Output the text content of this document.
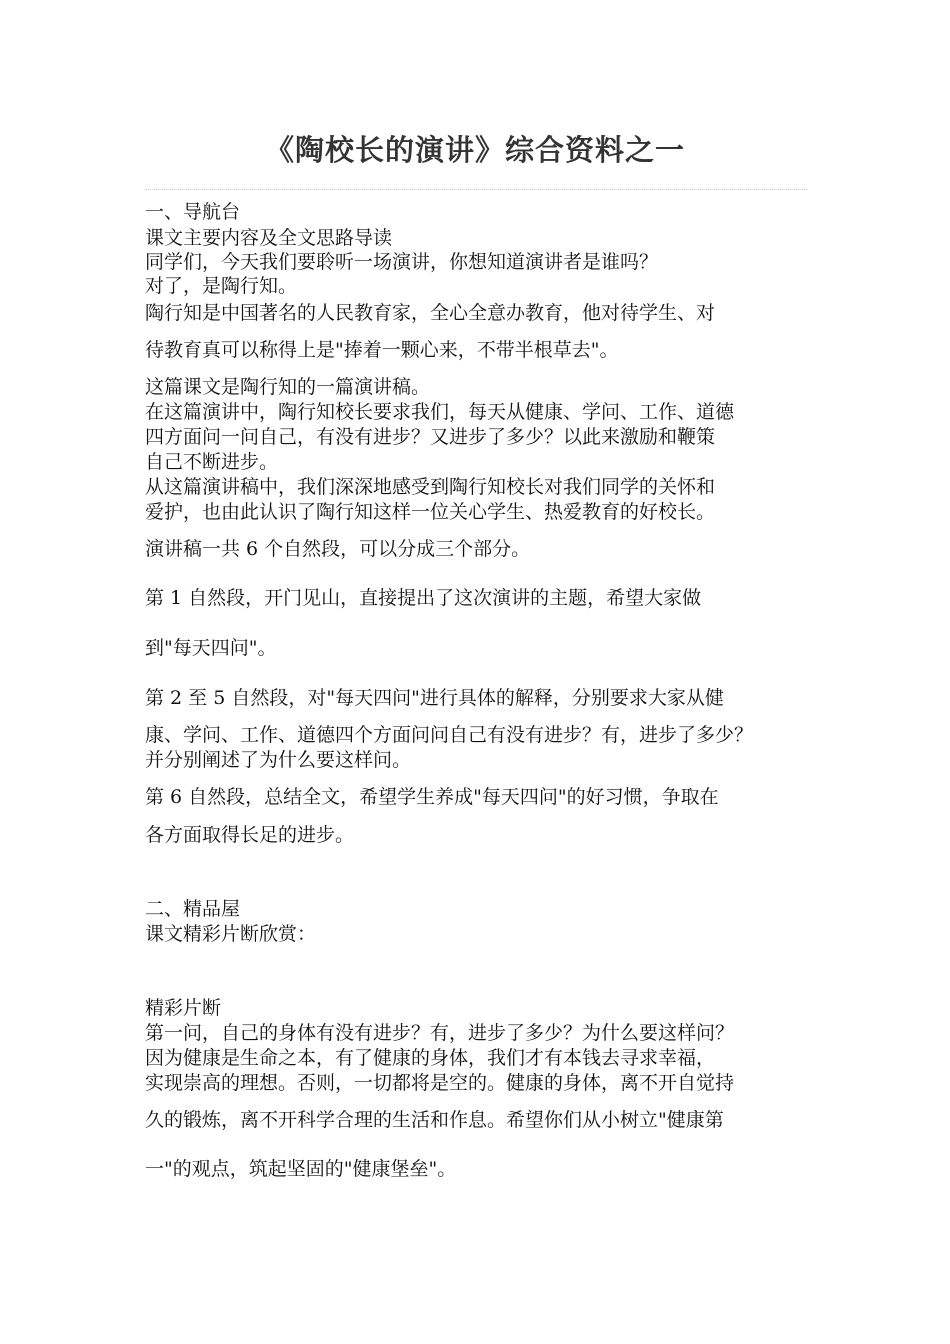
《陶校长的演讲》综合资料之一
一、导航台
课文主要内容及全文思路导读
同学们，今天我们要聆听一场演讲，你想知道演讲者是谁吗？
对了，是陶行知。
陶行知是中国著名的人民教育家，全心全意办教育，他对待学生、对
待教育真可以称得上是"捧着一颗心来，不带半根草去"。
这篇课文是陶行知的一篇演讲稿。
在这篇演讲中，陶行知校长要求我们，每天从健康、学问、工作、道德
四方面问一问自己，有没有进步？又进步了多少？以此来激励和鞭策
自己不断进步。
从这篇演讲稿中，我们深深地感受到陶行知校长对我们同学的关怀和
爱护，也由此认识了陶行知这样一位关心学生、热爱教育的好校长。
演讲稿一共 6 个自然段，可以分成三个部分。
第 1 自然段，开门见山，直接提出了这次演讲的主题，希望大家做
到"每天四问"。
第 2 至 5 自然段，对"每天四问"进行具体的解释，分别要求大家从健
康、学问、工作、道德四个方面问问自己有没有进步？有，进步了多少？
并分别阐述了为什么要这样问。
第 6 自然段，总结全文，希望学生养成"每天四问"的好习惯，争取在
各方面取得长足的进步。
二、精品屋
课文精彩片断欣赏：
精彩片断
第一问，自己的身体有没有进步？有，进步了多少？为什么要这样问？
因为健康是生命之本，有了健康的身体，我们才有本钱去寻求幸福，
实现崇高的理想。否则，一切都将是空的。健康的身体，离不开自觉持
久的锻炼，离不开科学合理的生活和作息。希望你们从小树立"健康第
一"的观点，筑起坚固的"健康堡垒"。
